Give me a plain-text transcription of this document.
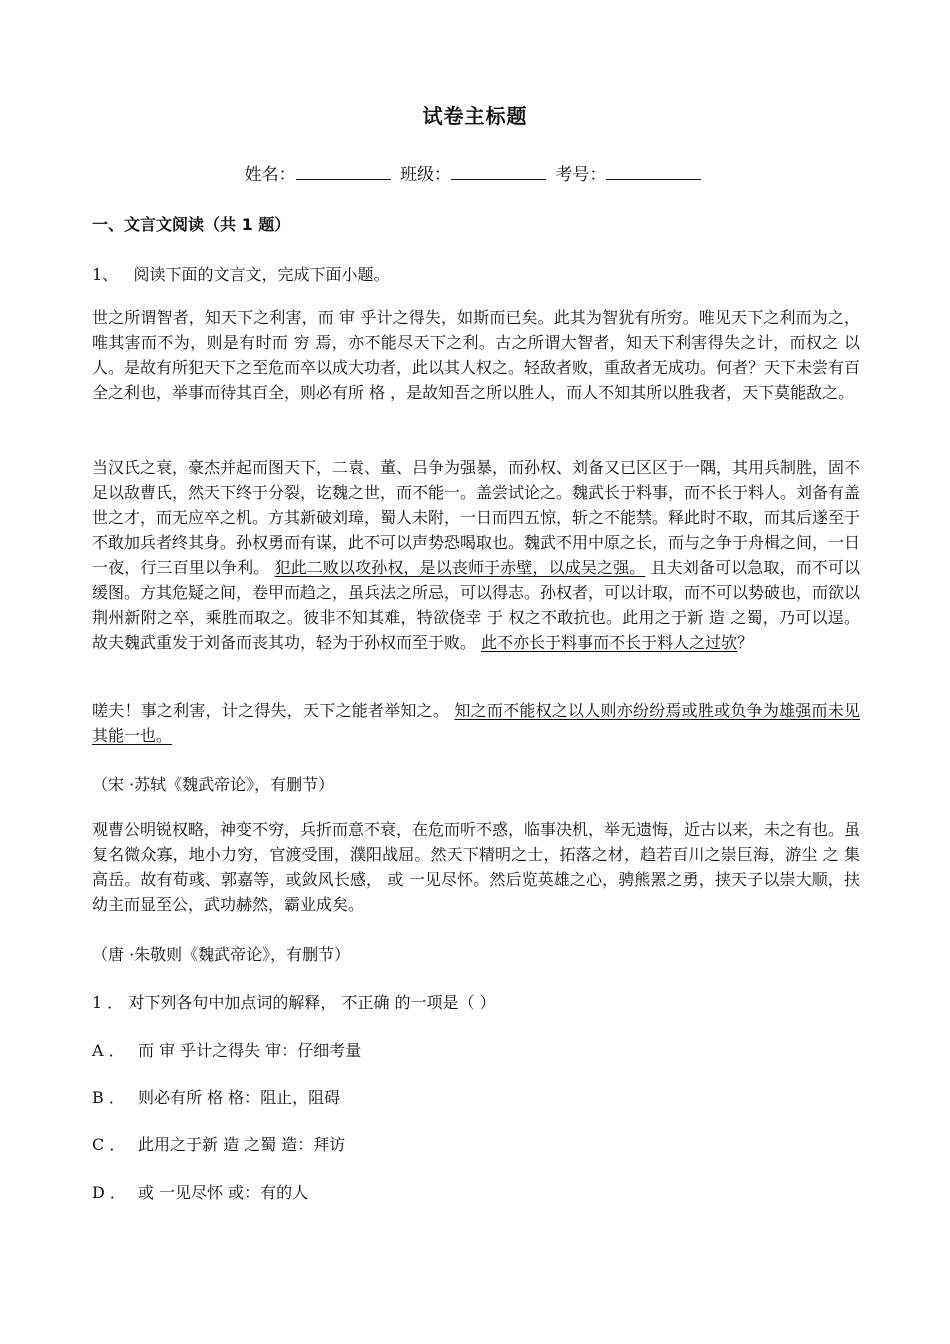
试卷主标题
姓名：	班级：	考号：
一、文言文阅读（共 1 题）
1、 阅读下面的文言文，完成下面小题。
世之所谓智者，知天下之利害，而 审 乎计之得失，如斯而已矣。此其为智犹有所穷。唯见天下之利而为之，唯其害而不为，则是有时而 穷 焉，亦不能尽天下之利。古之所谓大智者，知天下利害得失之计，而权之 以 人。是故有所犯天下之至危而卒以成大功者，此以其人权之。轻敌者败，重敌者无成功。何者？天下未尝有百全之利也，举事而待其百全，则必有所 格 ，是故知吾之所以胜人，而人不知其所以胜我者，天下莫能敌之。
当汉氏之衰，豪杰并起而图天下，二袁、董、吕争为强暴，而孙权、刘备又已区区于一隅，其用兵制胜，固不足以敌曹氏，然天下终于分裂，讫魏之世，而不能一。盖尝试论之。魏武长于料事，而不长于料人。刘备有盖世之才，而无应卒之机。方其新破刘璋，蜀人未附，一日而四五惊，斩之不能禁。释此时不取，而其后遂至于不敢加兵者终其身。孙权勇而有谋，此不可以声势恐喝取也。魏武不用中原之长，而与之争于舟楫之间，一日一夜，行三百里以争利。 犯此二败以攻孙权，是以丧师于赤壁，以成吴之强。 且夫刘备可以急取，而不可以缓图。方其危疑之间，卷甲而趋之，虽兵法之所忌，可以得志。孙权者，可以计取，而不可以势破也，而欲以荆州新附之卒，乘胜而取之。彼非不知其难，特欲侥幸 于 权之不敢抗也。此用之于新 造 之蜀，乃可以逞。故夫魏武重发于刘备而丧其功，轻为于孙权而至于败。 此不亦长于料事而不长于料人之过欤？
嗟夫！事之利害，计之得失，天下之能者举知之。 知之而不能权之以人则亦纷纷焉或胜或负争为雄强而未见其能一也。
（宋 ·苏轼《魏武帝论》，有删节）
观曹公明锐权略，神变不穷，兵折而意不衰，在危而听不惑，临事决机，举无遗悔，近古以来，未之有也。虽复名微众寡，地小力穷，官渡受围，濮阳战屈。然天下精明之士，拓落之材，趋若百川之崇巨海，游尘 之 集高岳。故有荀彧、郭嘉等，或敛风长感， 或 一见尽怀。然后览英雄之心，骋熊罴之勇，挟天子以崇大顺，扶幼主而显至公，武功赫然，霸业成矣。
（唐 ·朱敬则《魏武帝论》，有删节）
1 ． 对下列各句中加点词的解释， 不正确 的一项是（ ）
A ． 而 审 乎计之得失 审：仔细考量
B ． 则必有所 格 格：阻止，阻碍
C ． 此用之于新 造 之蜀 造：拜访
D ． 或 一见尽怀 或：有的人
